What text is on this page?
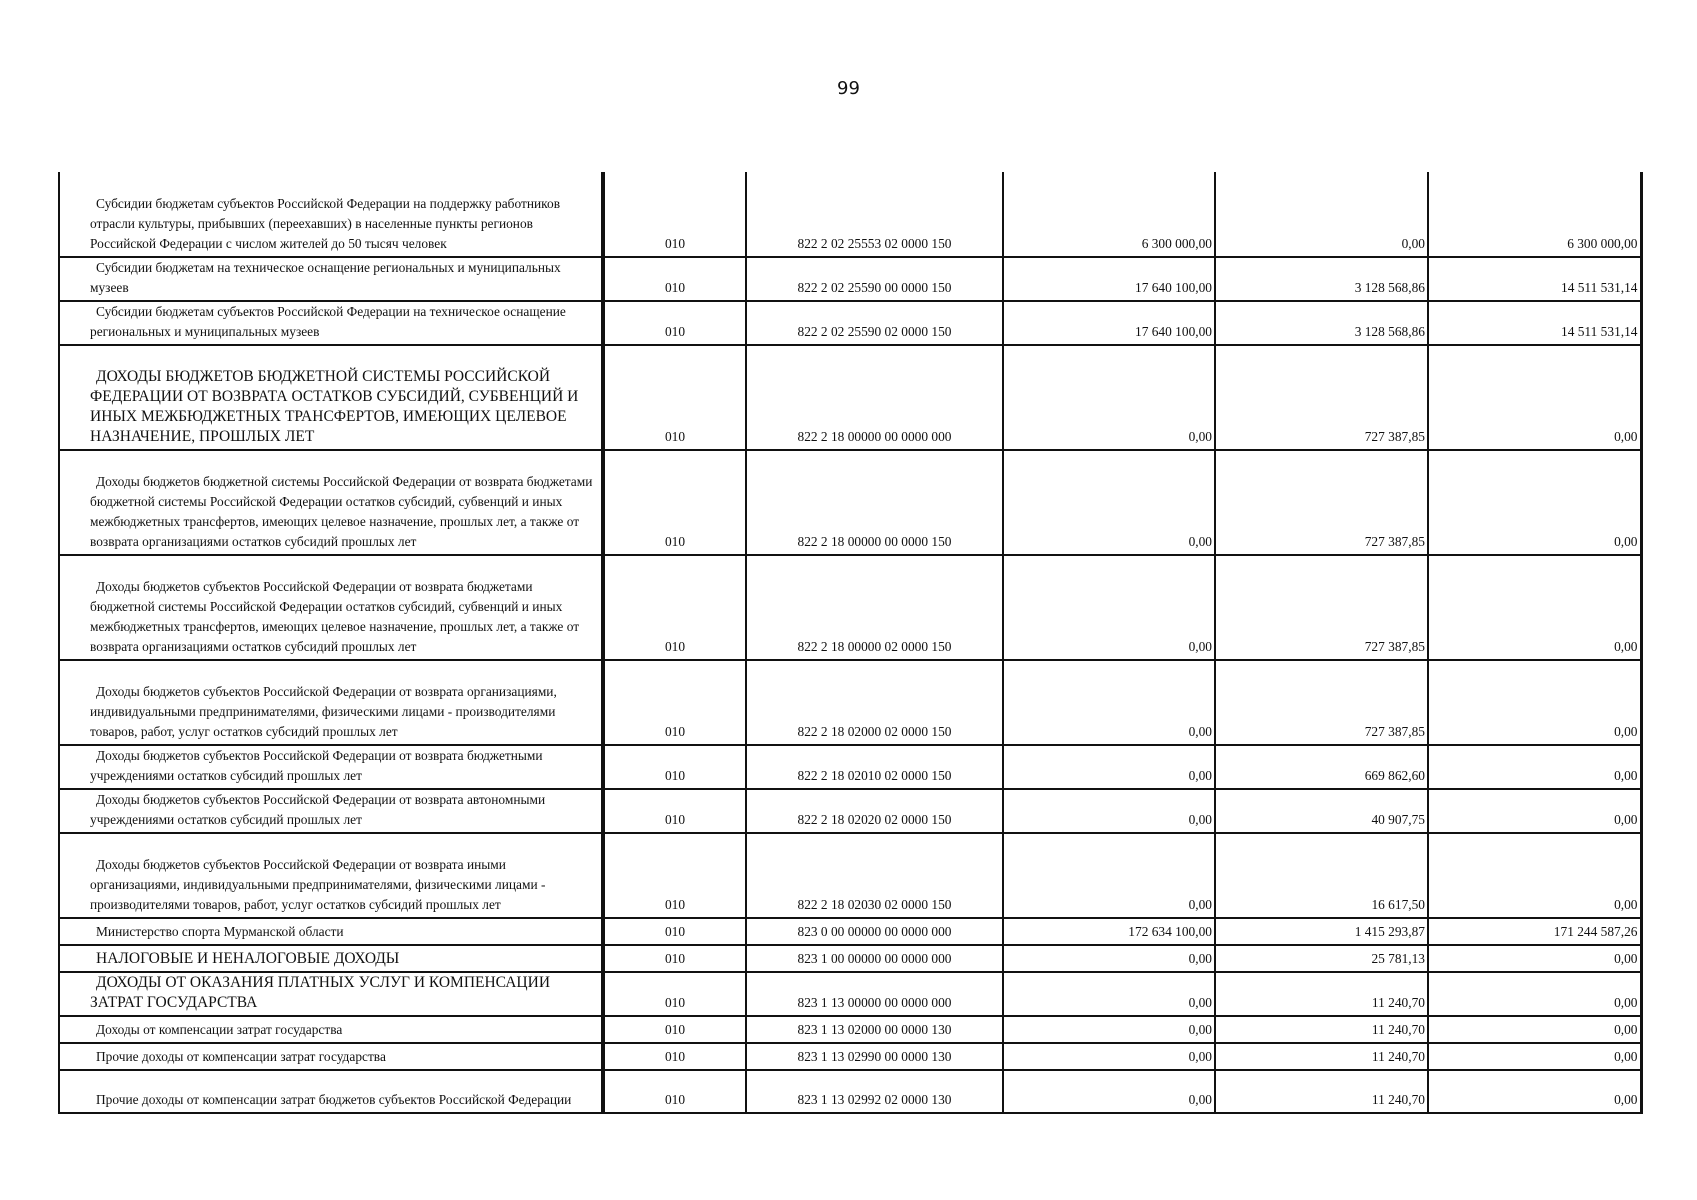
99
Субсидии бюджетам субъектов Российской Федерации на поддержку работников отрасли культуры, прибывших (переехавших) в населенные пункты регионов Российской Федерации с числом жителей до 50 тысяч человек	010	822 2 02 25553 02 0000 150	6 300 000,00	0,00	6 300 000,00
Субсидии бюджетам на техническое оснащение региональных и муниципальных музеев	010	822 2 02 25590 00 0000 150	17 640 100,00	3 128 568,86	14 511 531,14
Субсидии бюджетам субъектов Российской Федерации на техническое оснащение региональных и муниципальных музеев	010	822 2 02 25590 02 0000 150	17 640 100,00	3 128 568,86	14 511 531,14
ДОХОДЫ БЮДЖЕТОВ БЮДЖЕТНОЙ СИСТЕМЫ РОССИЙСКОЙ ФЕДЕРАЦИИ ОТ ВОЗВРАТА ОСТАТКОВ СУБСИДИЙ, СУБВЕНЦИЙ И ИНЫХ МЕЖБЮДЖЕТНЫХ ТРАНСФЕРТОВ, ИМЕЮЩИХ ЦЕЛЕВОЕ НАЗНАЧЕНИЕ, ПРОШЛЫХ ЛЕТ	010	822 2 18 00000 00 0000 000	0,00	727 387,85	0,00
Доходы бюджетов бюджетной системы Российской Федерации от возврата бюджетами бюджетной системы Российской Федерации остатков субсидий, субвенций и иных межбюджетных трансфертов, имеющих целевое назначение, прошлых лет, а также от возврата организациями остатков субсидий прошлых лет	010	822 2 18 00000 00 0000 150	0,00	727 387,85	0,00
Доходы бюджетов субъектов Российской Федерации от возврата бюджетами бюджетной системы Российской Федерации остатков субсидий, субвенций и иных межбюджетных трансфертов, имеющих целевое назначение, прошлых лет, а также от возврата организациями остатков субсидий прошлых лет	010	822 2 18 00000 02 0000 150	0,00	727 387,85	0,00
Доходы бюджетов субъектов Российской Федерации от возврата организациями, индивидуальными предпринимателями, физическими лицами - производителями товаров, работ, услуг остатков субсидий прошлых лет	010	822 2 18 02000 02 0000 150	0,00	727 387,85	0,00
Доходы бюджетов субъектов Российской Федерации от возврата бюджетными учреждениями остатков субсидий прошлых лет	010	822 2 18 02010 02 0000 150	0,00	669 862,60	0,00
Доходы бюджетов субъектов Российской Федерации от возврата автономными учреждениями остатков субсидий прошлых лет	010	822 2 18 02020 02 0000 150	0,00	40 907,75	0,00
Доходы бюджетов субъектов Российской Федерации от возврата иными организациями, индивидуальными предпринимателями, физическими лицами - производителями товаров, работ, услуг остатков субсидий прошлых лет	010	822 2 18 02030 02 0000 150	0,00	16 617,50	0,00
Министерство спорта Мурманской области	010	823 0 00 00000 00 0000 000	172 634 100,00	1 415 293,87	171 244 587,26
НАЛОГОВЫЕ И НЕНАЛОГОВЫЕ ДОХОДЫ	010	823 1 00 00000 00 0000 000	0,00	25 781,13	0,00
ДОХОДЫ ОТ ОКАЗАНИЯ ПЛАТНЫХ УСЛУГ И КОМПЕНСАЦИИ ЗАТРАТ ГОСУДАРСТВА	010	823 1 13 00000 00 0000 000	0,00	11 240,70	0,00
Доходы от компенсации затрат государства	010	823 1 13 02000 00 0000 130	0,00	11 240,70	0,00
Прочие доходы от компенсации затрат государства	010	823 1 13 02990 00 0000 130	0,00	11 240,70	0,00
Прочие доходы от компенсации затрат бюджетов субъектов Российской Федерации	010	823 1 13 02992 02 0000 130	0,00	11 240,70	0,00
